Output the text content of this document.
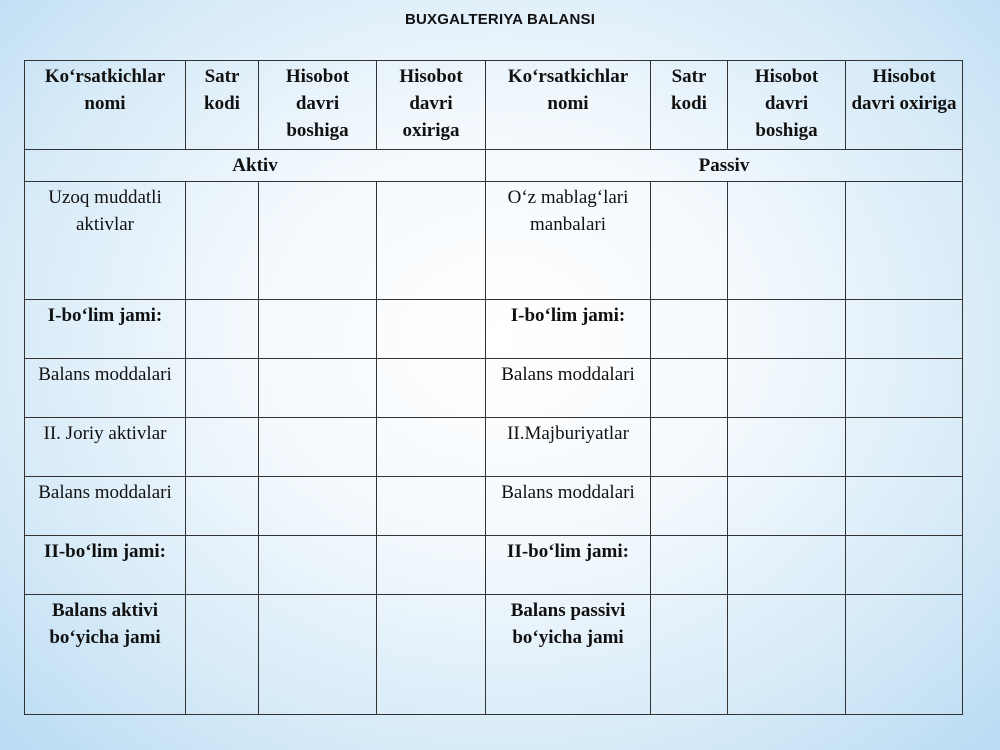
BUXGALTERIYA BALANSI
Ko‘rsatkichlar nomi	Satr kodi	Hisobot davri boshiga	Hisobot davri oxiriga	Ko‘rsatkichlar nomi	Satr kodi	Hisobot davri boshiga	Hisobot davri oxiriga
Aktiv				Passiv			
Uzoq muddatli aktivlar				O‘z mablag‘lari manbalari			
I-bo‘lim jami:				I-bo‘lim jami:			
Balans moddalari				Balans moddalari			
II. Joriy aktivlar				II.Majburiyatlar			
Balans moddalari				Balans moddalari			
II-bo‘lim jami:				II-bo‘lim jami:			
Balans aktivi bo‘yicha jami				Balans passivi bo‘yicha jami			
